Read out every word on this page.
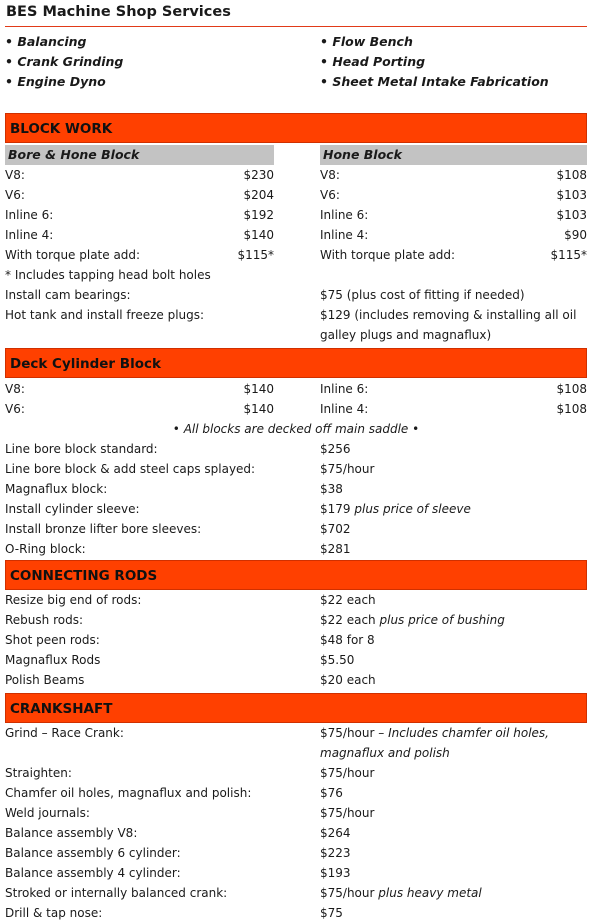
BES Machine Shop Services
• Balancing
• Crank Grinding
• Engine Dyno
• Flow Bench
• Head Porting
• Sheet Metal Intake Fabrication
BLOCK WORK
Bore & Hone Block	Hone Block
V8:	$230	V8:	$108
V6:	$204	V6:	$103
Inline 6:	$192	Inline 6:	$103
Inline 4:	$140	Inline 4:	$90
With torque plate add:	$115*	With torque plate add:	$115*
* Includes tapping head bolt holes
Install cam bearings:	$75 (plus cost of fitting if needed)
Hot tank and install freeze plugs:	$129 (includes removing & installing all oil
galley plugs and magnaflux)
Deck Cylinder Block
V8:	$140	Inline 6:	$108
V6:	$140	Inline 4:	$108
• All blocks are decked off main saddle •
Line bore block standard:	$256
Line bore block & add steel caps splayed:	$75/hour
Magnaflux block:	$38
Install cylinder sleeve:	$179 plus price of sleeve
Install bronze lifter bore sleeves:	$702
O-Ring block:	$281
CONNECTING RODS
Resize big end of rods:	$22 each
Rebush rods:	$22 each plus price of bushing
Shot peen rods:	$48 for 8
Magnaflux Rods	$5.50
Polish Beams	$20 each
CRANKSHAFT
Grind – Race Crank:	$75/hour – Includes chamfer oil holes,
magnaflux and polish
Straighten:	$75/hour
Chamfer oil holes, magnaflux and polish:	$76
Weld journals:	$75/hour
Balance assembly V8:	$264
Balance assembly 6 cylinder:	$223
Balance assembly 4 cylinder:	$193
Stroked or internally balanced crank:	$75/hour plus heavy metal
Drill & tap nose:	$75
